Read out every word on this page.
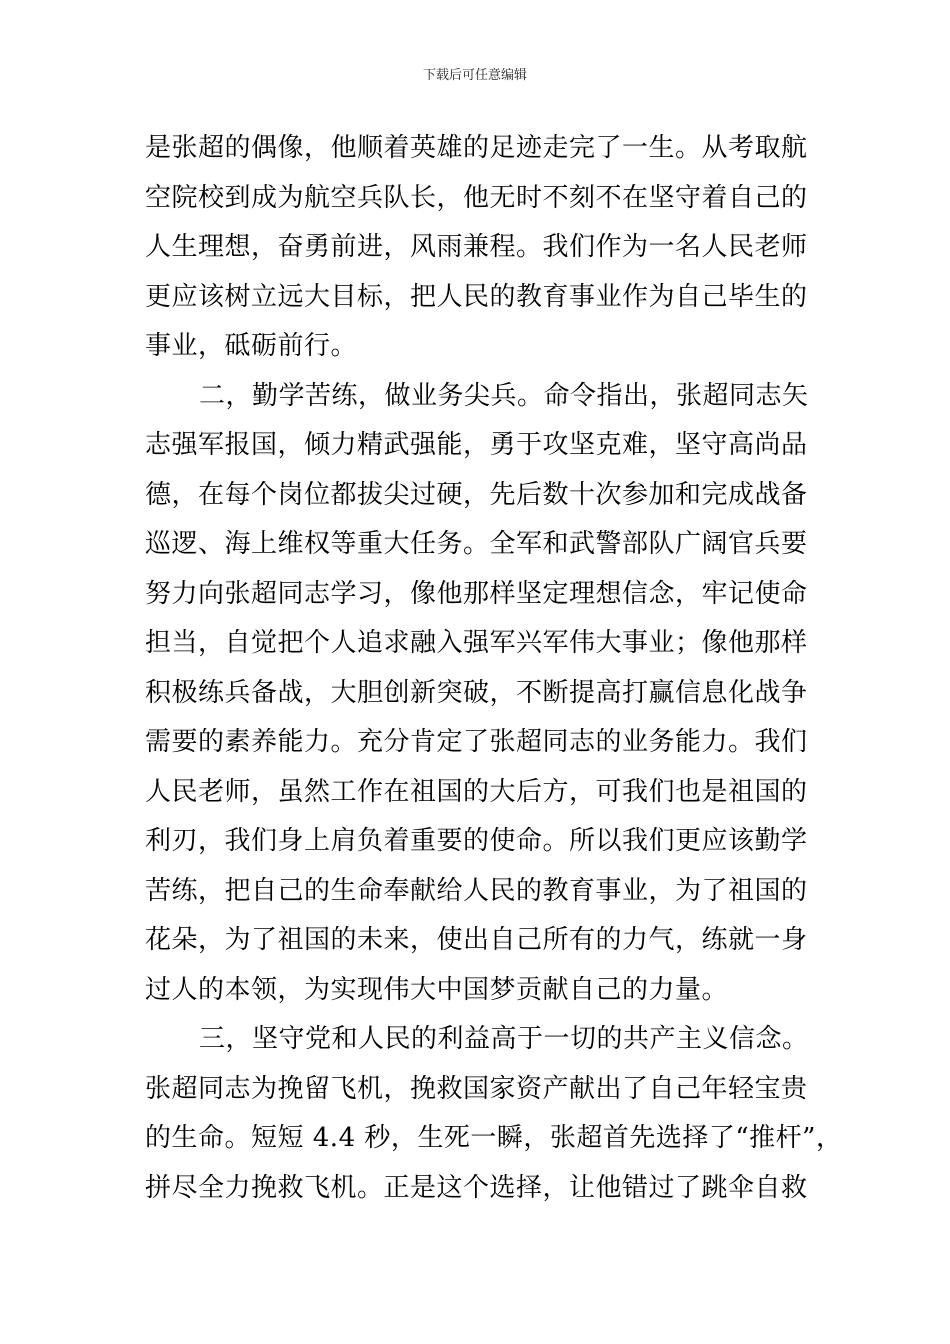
下载后可任意编辑
是张超的偶像，他顺着英雄的足迹走完了一生。从考取航
空院校到成为航空兵队长，他无时不刻不在坚守着自己的
人生理想，奋勇前进，风雨兼程。我们作为一名人民老师
更应该树立远大目标，把人民的教育事业作为自己毕生的
事业，砥砺前行。
二，勤学苦练，做业务尖兵。命令指出，张超同志矢
志强军报国，倾力精武强能，勇于攻坚克难，坚守高尚品
德，在每个岗位都拔尖过硬，先后数十次参加和完成战备
巡逻、海上维权等重大任务。全军和武警部队广阔官兵要
努力向张超同志学习，像他那样坚定理想信念，牢记使命
担当，自觉把个人追求融入强军兴军伟大事业；像他那样
积极练兵备战，大胆创新突破，不断提高打赢信息化战争
需要的素养能力。充分肯定了张超同志的业务能力。我们
人民老师，虽然工作在祖国的大后方，可我们也是祖国的
利刃，我们身上肩负着重要的使命。所以我们更应该勤学
苦练，把自己的生命奉献给人民的教育事业，为了祖国的
花朵，为了祖国的未来，使出自己所有的力气，练就一身
过人的本领，为实现伟大中国梦贡献自己的力量。
三，坚守党和人民的利益高于一切的共产主义信念。
张超同志为挽留飞机，挽救国家资产献出了自己年轻宝贵
的生命。短短 4.4 秒，生死一瞬，张超首先选择了“推杆”，
拼尽全力挽救飞机。正是这个选择，让他错过了跳伞自救
